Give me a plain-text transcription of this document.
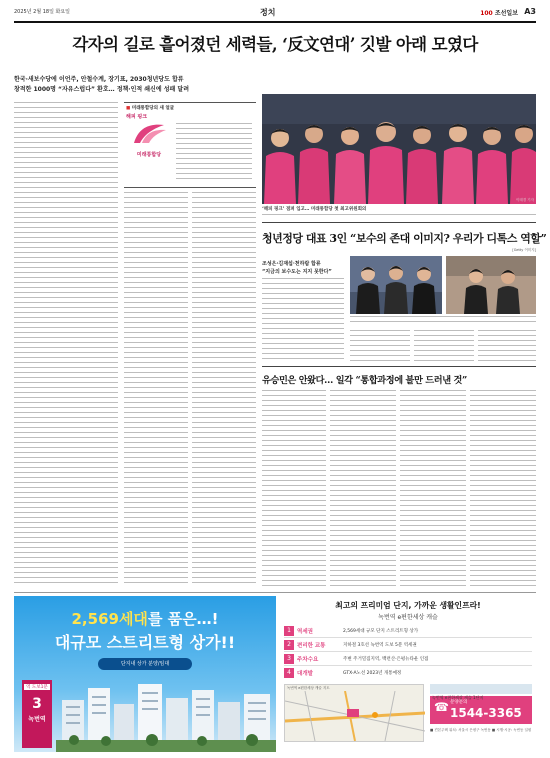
2025년 2월 18일 화요일	정치	100 조선일보 A3
각자의 길로 흩어졌던 세력들, ‘反文연대’ 깃발 아래 모였다
한국·새보수당에 이언주, 안철수계, 장기표, 2030청년당도 합류
창적한 1000명 “자유스럽다” 환호… 정책·인적 쇄신에 성패 달려
■ 미래통합당의 새 얼굴
해피 핑크
미래통합당
이태경 기자
‘해피 핑크’ 점퍼 입고… 미래통합당 첫 최고위원회의
청년정당 대표 3인 “보수의 존대 이미지? 우리가 디톡스 역할”
[Getty 이미지]
조성은·김재섭·천하람 합류
“지금의 보수도는 지지 못한다”
유승민은 안왔다… 일각 “통합과정에 불만 드러낸 것”
2,569세대를 품은…!
대규모 스트리트형 상가!!
단지내 상가 분양/임대
역 도보1분
3
녹번역
최고의 프리미엄 단지, 가까운 생활인프라!
녹번역 e편한세상 캐슬
1	역세권	2,569세대 규모 단지 스트리트형 상가
2	편리한 교통	지하철 3호선 녹번역 도보 5분 역세권
3	주차수요	주변 주거밀집지역, 백련산·은평뉴타운 인접
4	대개발	GTX-A노선 2023년 개통예정
녹번역 e편한세상 캐슬 지도
☎ 분양문의
1544-3365
녹번역 e편한세상 캐슬 1단지
■ 견본주택 위치: 서울시 은평구 녹번동 ■ 시행·시공: 녹번동 일원
